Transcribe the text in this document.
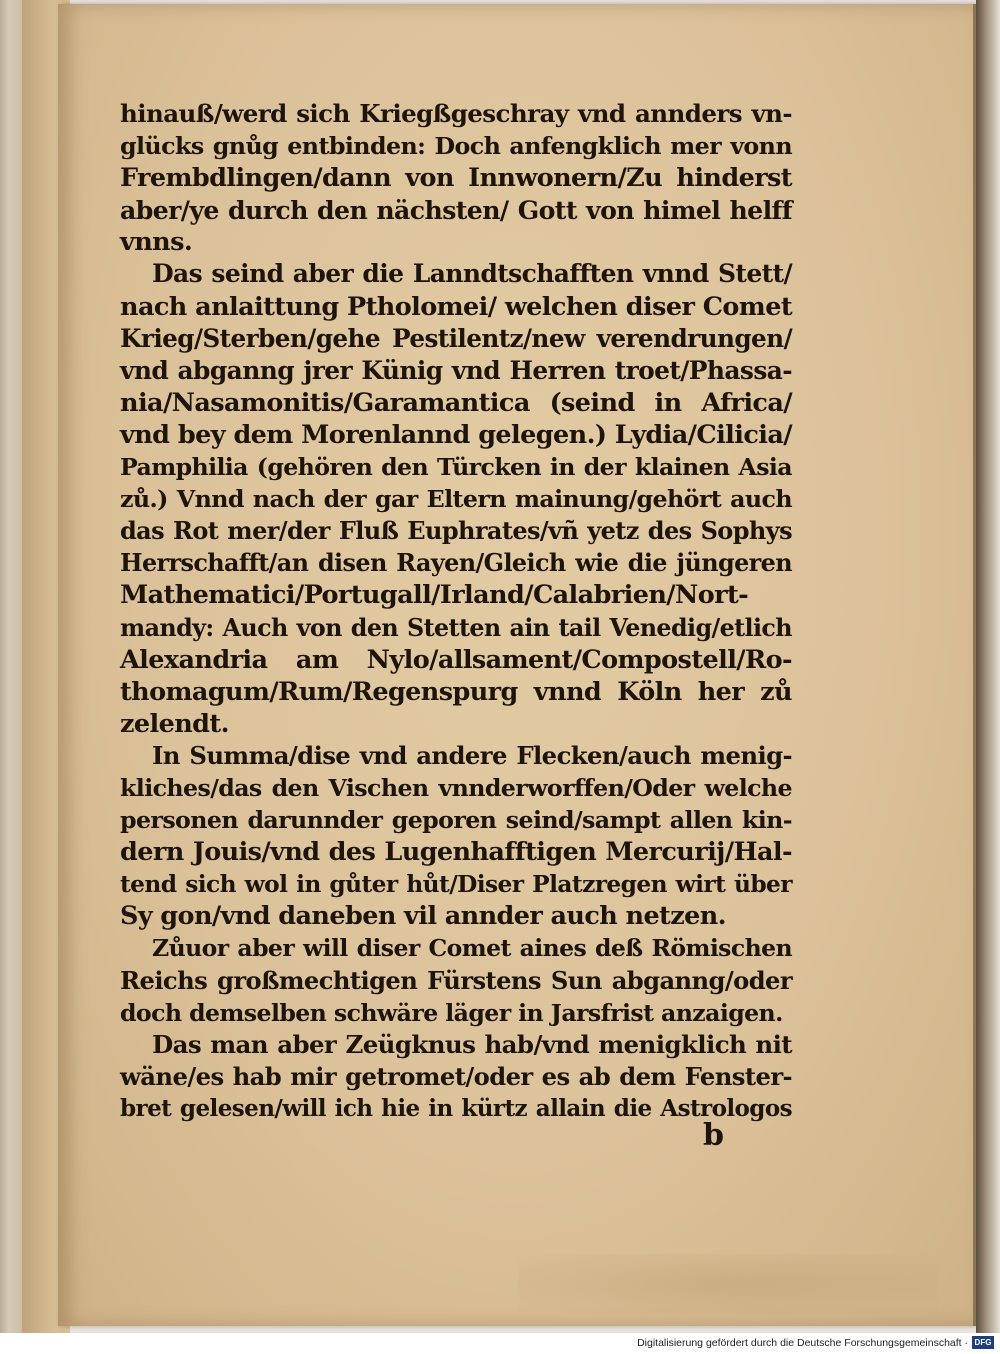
hinauß/werd sich Kriegßgeschray vnd annders vn‑
glücks gnůg entbinden: Doch anfengklich mer vonn
Frembdlingen/dann von Innwonern/Zu hinderst
aber/ye durch den nächsten/ Gott von himel helff
vnns.
Das seind aber die Lanndtschafften vnnd Stett/
nach anlaittung Ptholomei/ welchen diser Comet
Krieg/Sterben/gehe Pestilentz/new verendrungen/
vnd abganng jrer Künig vnd Herren troet/Phassa‑
nia/Nasamonitis/Garamantica (seind in Africa/
vnd bey dem Morenlannd gelegen.) Lydia/Cilicia/
Pamphilia (gehören den Türcken in der klainen Asia
zů.) Vnnd nach der gar Eltern mainung/gehört auch
das Rot mer/der Fluß Euphrates/vñ yetz des Sophys
Herrschafft/an disen Rayen/Gleich wie die jüngeren
Mathematici/Portugall/Irland/Calabrien/Nort‑
mandy: Auch von den Stetten ain tail Venedig/etlich
Alexandria am Nylo/allsament/Compostell/Ro‑
thomagum/Rum/Regenspurg vnnd Köln her zů
zelendt.
In Summa/dise vnd andere Flecken/auch menig‑
kliches/das den Vischen vnnderworffen/Oder welche
personen darunnder geporen seind/sampt allen kin‑
dern Jouis/vnd des Lugenhafftigen Mercurij/Hal‑
tend sich wol in gůter hůt/Diser Platzregen wirt über
Sy gon/vnd daneben vil annder auch netzen.
Zůuor aber will diser Comet aines deß Römischen
Reichs großmechtigen Fürstens Sun abganng/oder
doch demselben schwäre läger in Jarsfrist anzaigen.
Das man aber Zeügknus hab/vnd menigklich nit
wäne/es hab mir getromet/oder es ab dem Fenster‑
bret gelesen/will ich hie in kürtz allain die Astrologos
b
Digitalisierung gefördert durch die Deutsche Forschungsgemeinschaft · DFG
